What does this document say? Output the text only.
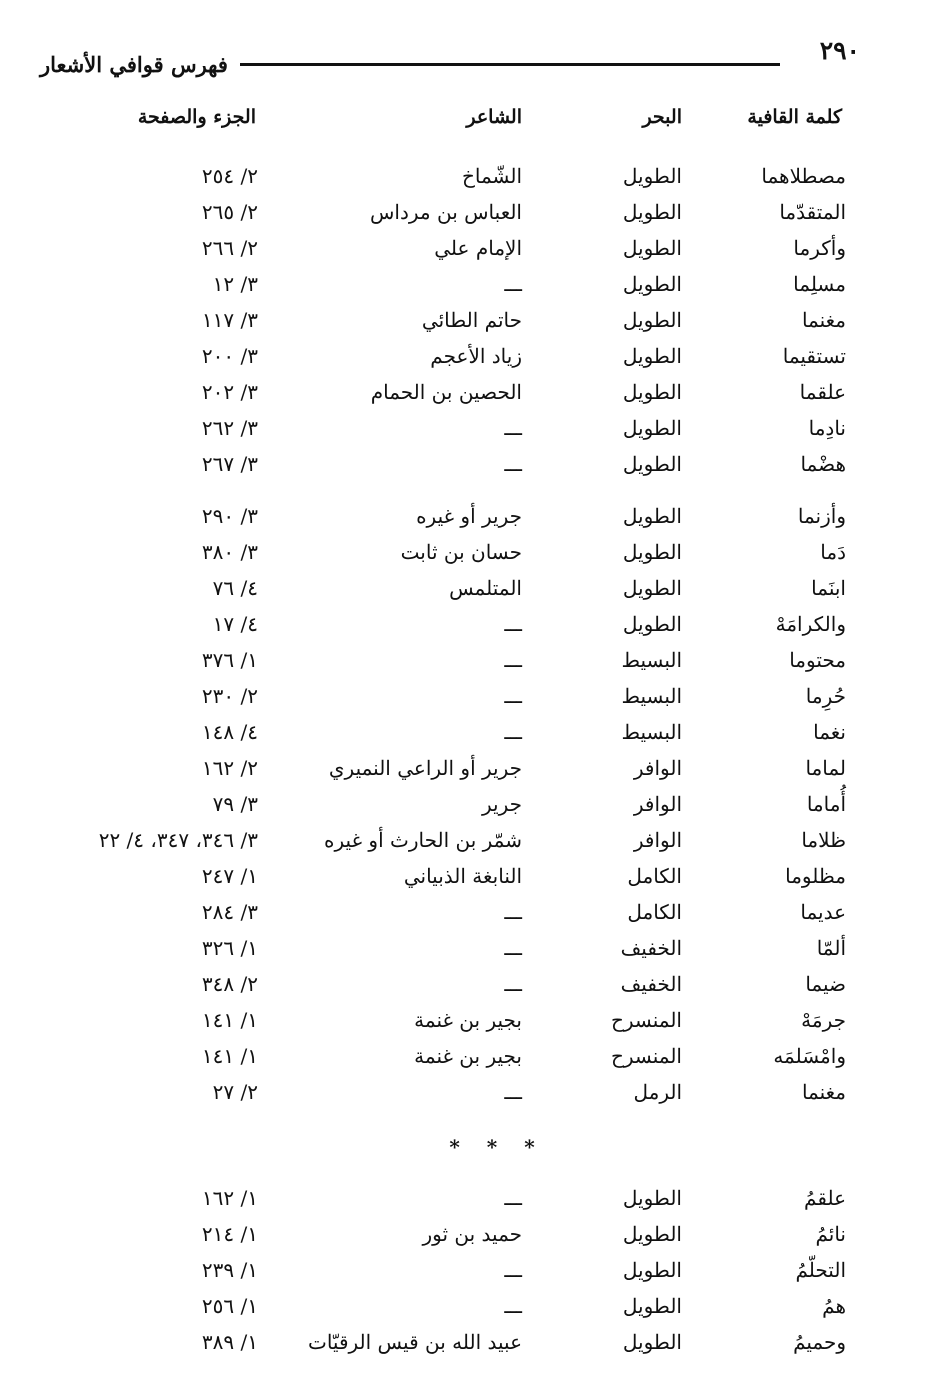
٢٩٠
فهرس قوافي الأشعار
كلمة القافية
البحر
الشاعر
الجزء والصفحة
مصطلاهما
الطويل
الشّماخ
٢/ ٢٥٤
المتقدّما
الطويل
العباس بن مرداس
٢/ ٢٦٥
وأكرما
الطويل
الإمام علي
٢/ ٢٦٦
مسلِما
الطويل
ـــ
٣/ ١٢
مغنما
الطويل
حاتم الطائي
٣/ ١١٧
تستقيما
الطويل
زياد الأعجم
٣/ ٢٠٠
علقما
الطويل
الحصين بن الحمام
٣/ ٢٠٢
نادِما
الطويل
ـــ
٣/ ٢٦٢
هضْما
الطويل
ـــ
٣/ ٢٦٧
وأزنما
الطويل
جرير أو غيره
٣/ ٢٩٠
دَما
الطويل
حسان بن ثابت
٣/ ٣٨٠
ابنَما
الطويل
المتلمس
٤/ ٧٦
والكرامَهْ
الطويل
ـــ
٤/ ١٧
محتوما
البسيط
ـــ
١/ ٣٧٦
حُرِما
البسيط
ـــ
٢/ ٢٣٠
نغما
البسيط
ـــ
٤/ ١٤٨
لماما
الوافر
جرير أو الراعي النميري
٢/ ١٦٢
أُماما
الوافر
جرير
٣/ ٧٩
ظلاما
الوافر
شمّر بن الحارث أو غيره
٣/ ٣٤٦، ٣٤٧، ٤/ ٢٢
مظلوما
الكامل
النابغة الذبياني
١/ ٢٤٧
عديما
الكامل
ـــ
٣/ ٢٨٤
ألمّا
الخفيف
ـــ
١/ ٣٢٦
ضيما
الخفيف
ـــ
٢/ ٣٤٨
جرمَهْ
المنسرح
بجير بن غنمة
١/ ١٤١
وامْسَلمَه
المنسرح
بجير بن غنمة
١/ ١٤١
مغنما
الرمل
ـــ
٢/ ٢٧
* * *
علقمُ
الطويل
ـــ
١/ ١٦٢
نائمُ
الطويل
حميد بن ثور
١/ ٢١٤
التحلّمُ
الطويل
ـــ
١/ ٢٣٩
همُ
الطويل
ـــ
١/ ٢٥٦
وحميمُ
الطويل
عبيد الله بن قيس الرقيّات
١/ ٣٨٩
